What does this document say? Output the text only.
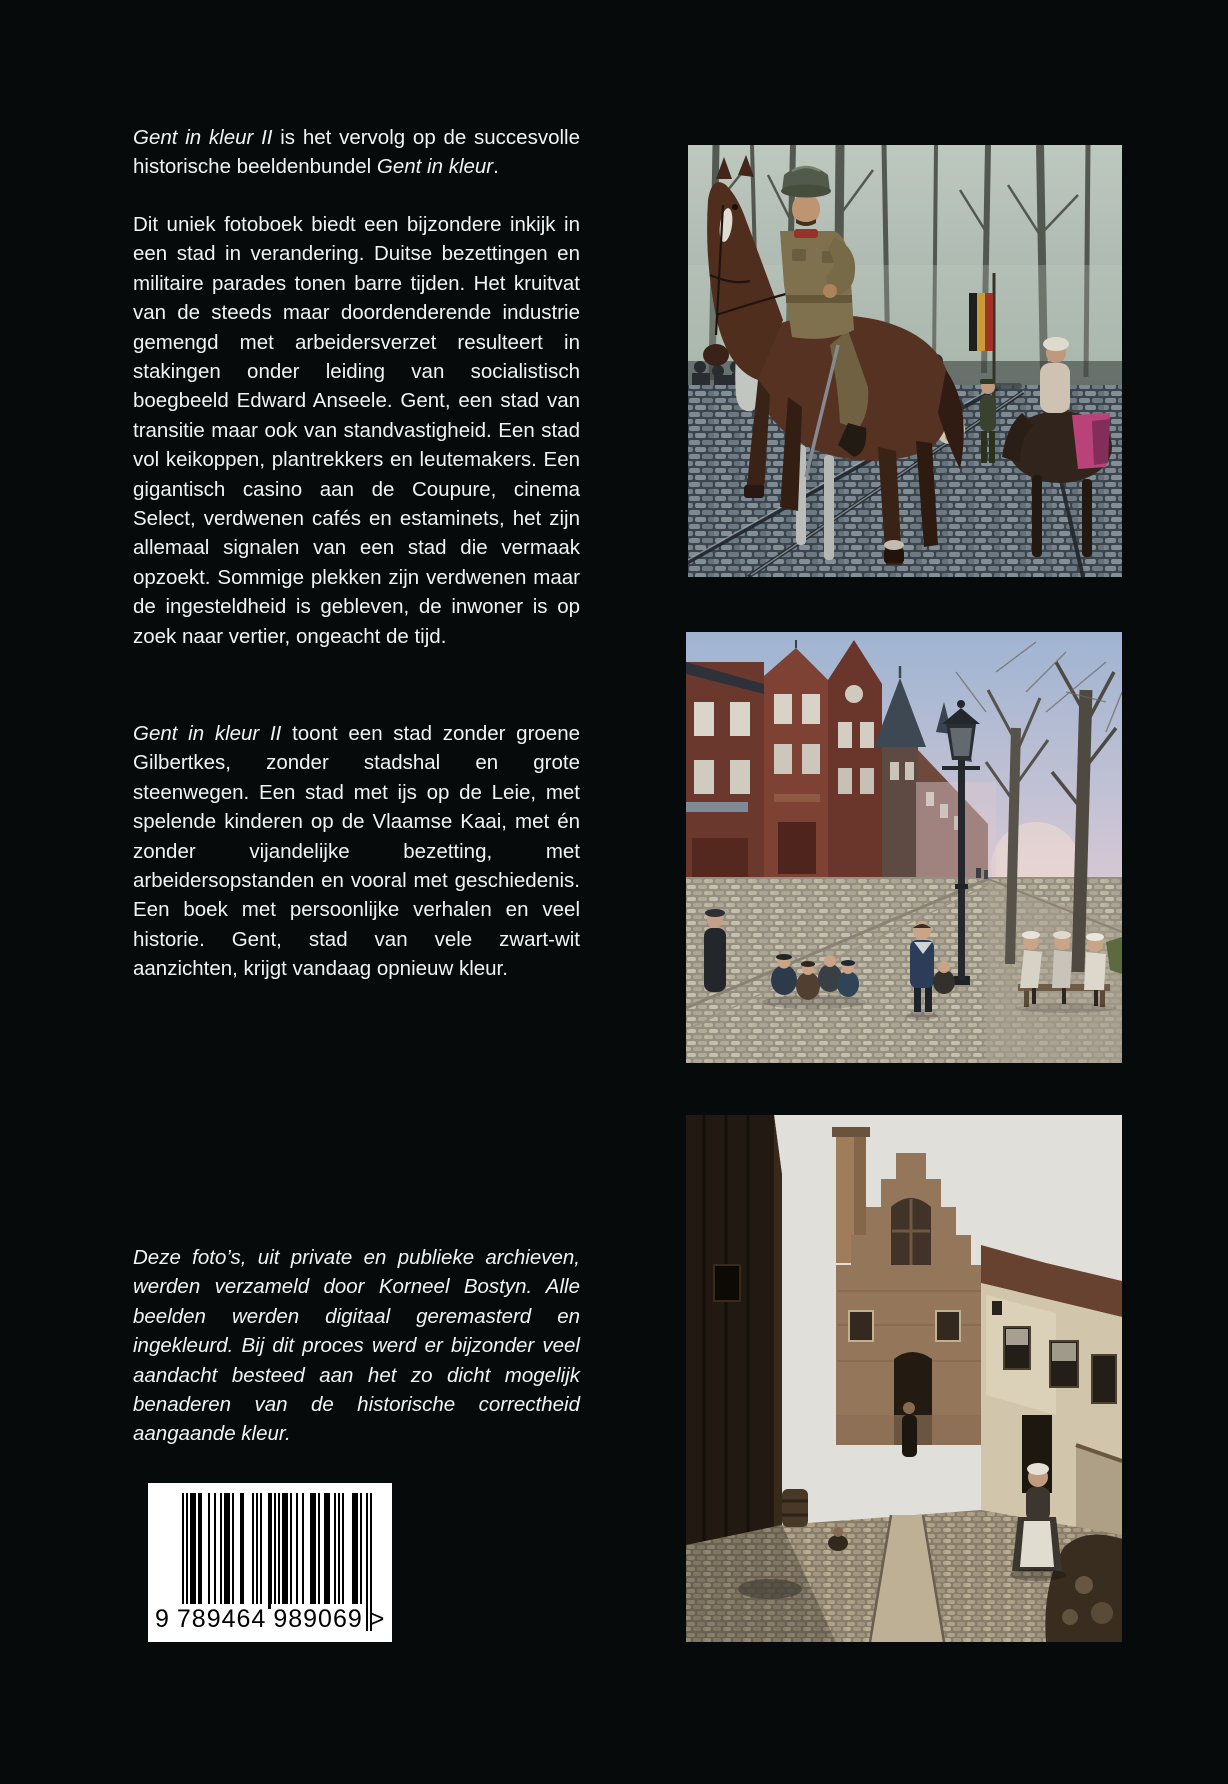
Gent in kleur II is het vervolg op de succesvolle historische beeldenbundel Gent in kleur.

Dit uniek fotoboek biedt een bijzondere inkijk in een stad in verandering. Duitse bezettingen en militaire parades tonen barre tijden. Het kruitvat van de steeds maar doordenderende industrie gemengd met arbeidersverzet resulteert in stakingen onder leiding van socialistisch boegbeeld Edward Anseele. Gent, een stad van transitie maar ook van standvastigheid. Een stad vol keikoppen, plantrekkers en leutemakers. Een gigantisch casino aan de Coupure, cinema Select, verdwenen cafés en estaminets, het zijn allemaal signalen van een stad die vermaak opzoekt. Sommige plekken zijn verdwenen maar de ingesteldheid is gebleven, de inwoner is op zoek naar vertier, ongeacht de tijd.

Gent in kleur II toont een stad zonder groene Gilbertkes, zonder stadshal en grote steenwegen. Een stad met ijs op de Leie, met spelende kinderen op de Vlaamse Kaai, met én zonder vijandelijke bezetting, met arbeidersopstanden en vooral met geschiedenis. Een boek met persoonlijke verhalen en veel historie. Gent, stad van vele zwart-wit aanzichten, krijgt vandaag opnieuw kleur.

Deze foto’s, uit private en publieke archieven, werden verzameld door Korneel Bostyn. Alle beelden werden digitaal geremasterd en ingekleurd. Bij dit proces werd er bijzonder veel aandacht besteed aan het zo dicht mogelijk benaderen van de historische correctheid aangaande kleur.

9 789464 989069 >
